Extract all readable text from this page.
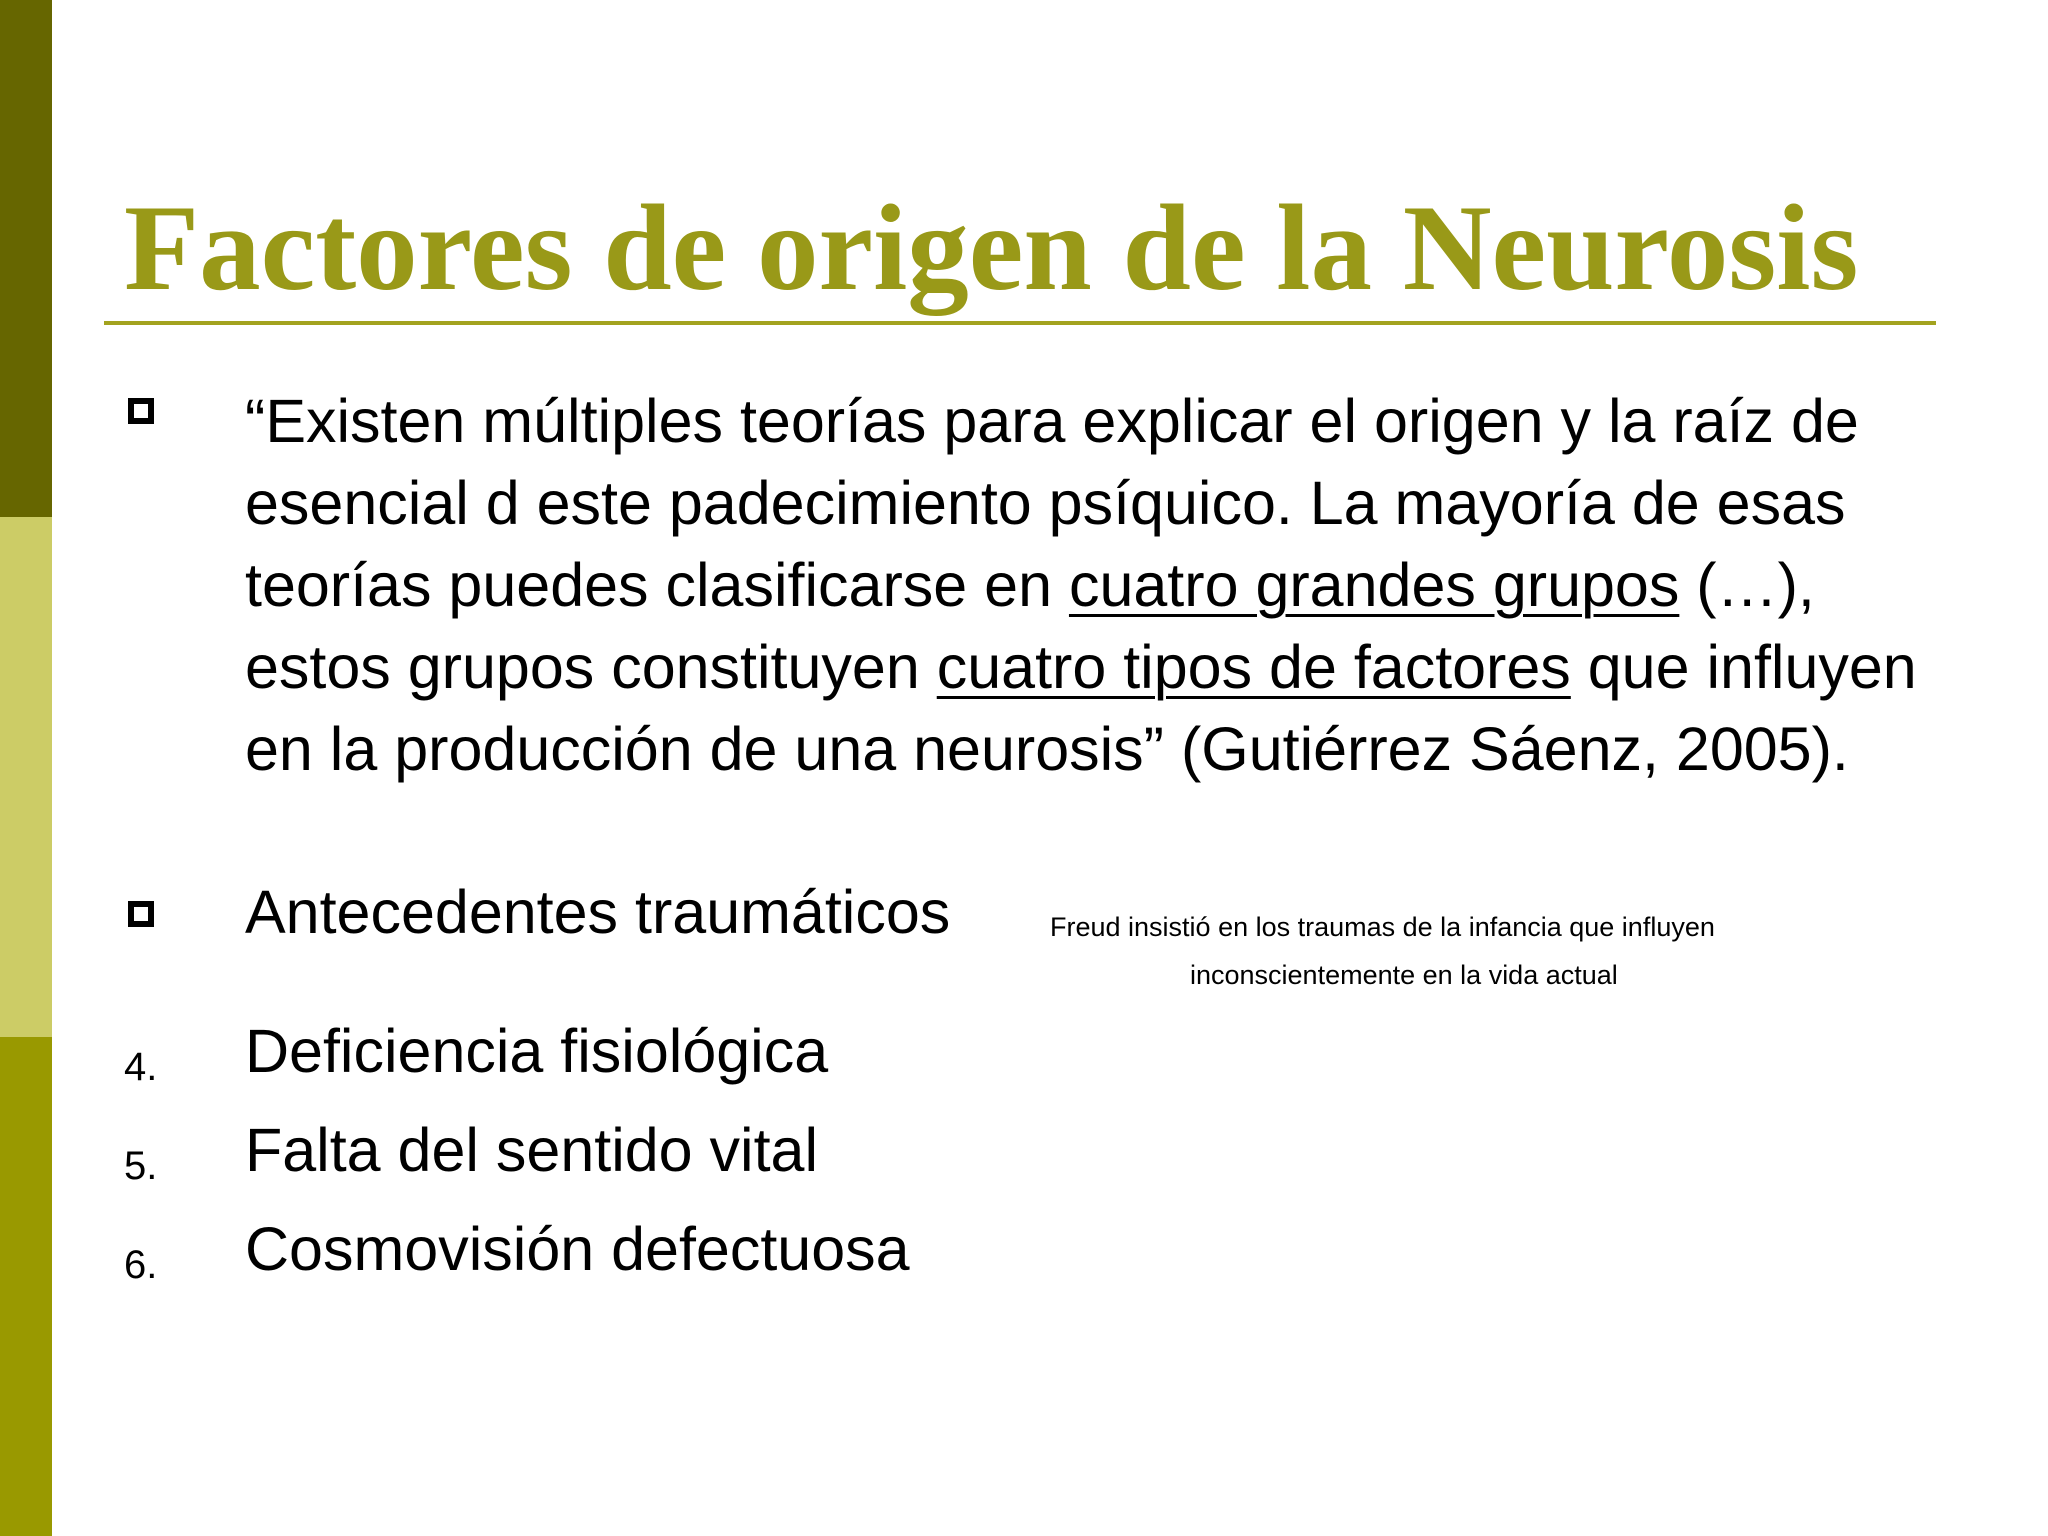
Factores de origen de la Neurosis
“Existen múltiples teorías para explicar el origen y la raíz de esencial d este padecimiento psíquico. La mayoría de esas teorías puedes clasificarse en cuatro grandes grupos (…), estos grupos constituyen cuatro tipos de factores que influyen en la producción de una neurosis” (Gutiérrez Sáenz, 2005).
Antecedentes traumáticos	Freud insistió en los traumas de la infancia que influyen
inconscientemente en la vida actual
4. Deficiencia fisiológica
5. Falta del sentido vital
6. Cosmovisión defectuosa
